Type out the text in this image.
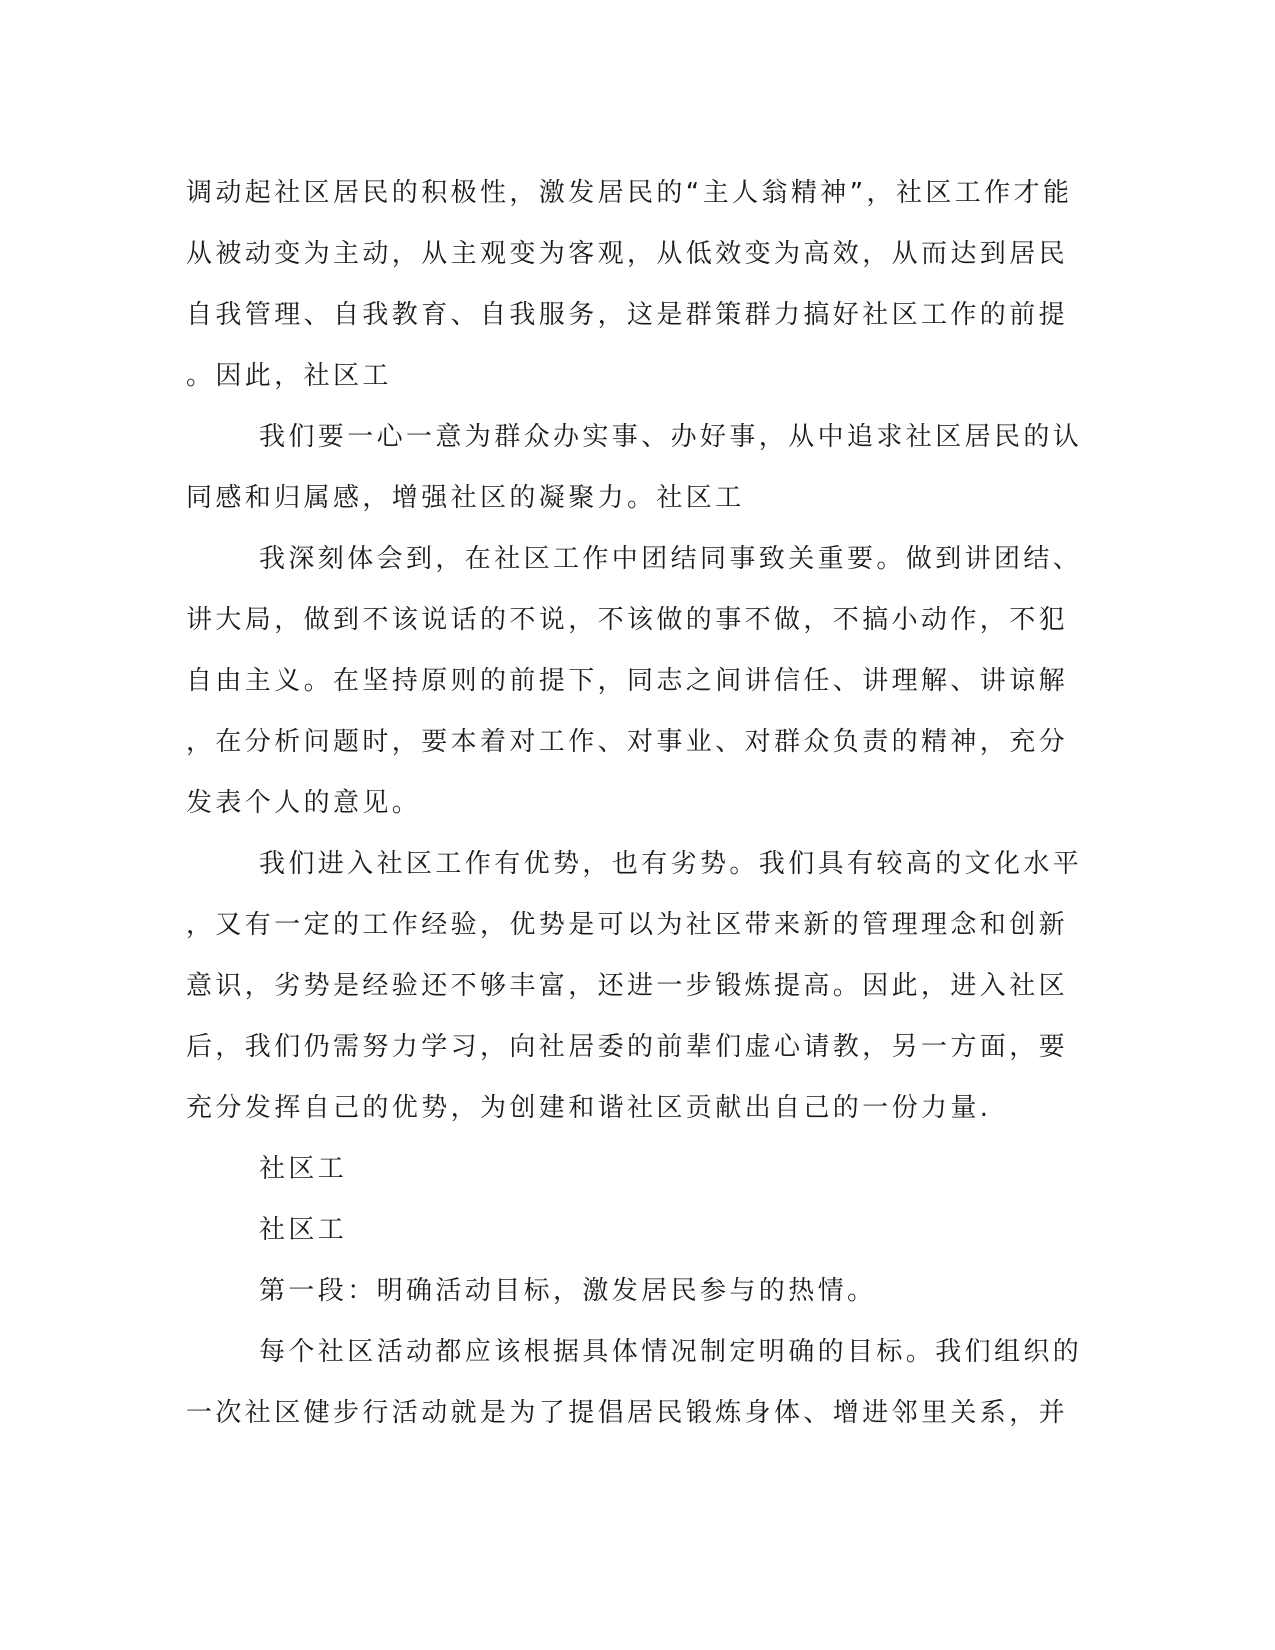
调动起社区居民的积极性，激发居民的“主人翁精神”，社区工作才能
从被动变为主动，从主观变为客观，从低效变为高效，从而达到居民
自我管理、自我教育、自我服务，这是群策群力搞好社区工作的前提
。因此，社区工
我们要一心一意为群众办实事、办好事，从中追求社区居民的认
同感和归属感，增强社区的凝聚力。社区工
我深刻体会到，在社区工作中团结同事致关重要。做到讲团结、
讲大局，做到不该说话的不说，不该做的事不做，不搞小动作，不犯
自由主义。在坚持原则的前提下，同志之间讲信任、讲理解、讲谅解
，在分析问题时，要本着对工作、对事业、对群众负责的精神，充分
发表个人的意见。
我们进入社区工作有优势，也有劣势。我们具有较高的文化水平
，又有一定的工作经验，优势是可以为社区带来新的管理理念和创新
意识，劣势是经验还不够丰富，还进一步锻炼提高。因此，进入社区
后，我们仍需努力学习，向社居委的前辈们虚心请教，另一方面，要
充分发挥自己的优势，为创建和谐社区贡献出自己的一份力量.
社区工
社区工
第一段：明确活动目标，激发居民参与的热情。
每个社区活动都应该根据具体情况制定明确的目标。我们组织的
一次社区健步行活动就是为了提倡居民锻炼身体、增进邻里关系，并
